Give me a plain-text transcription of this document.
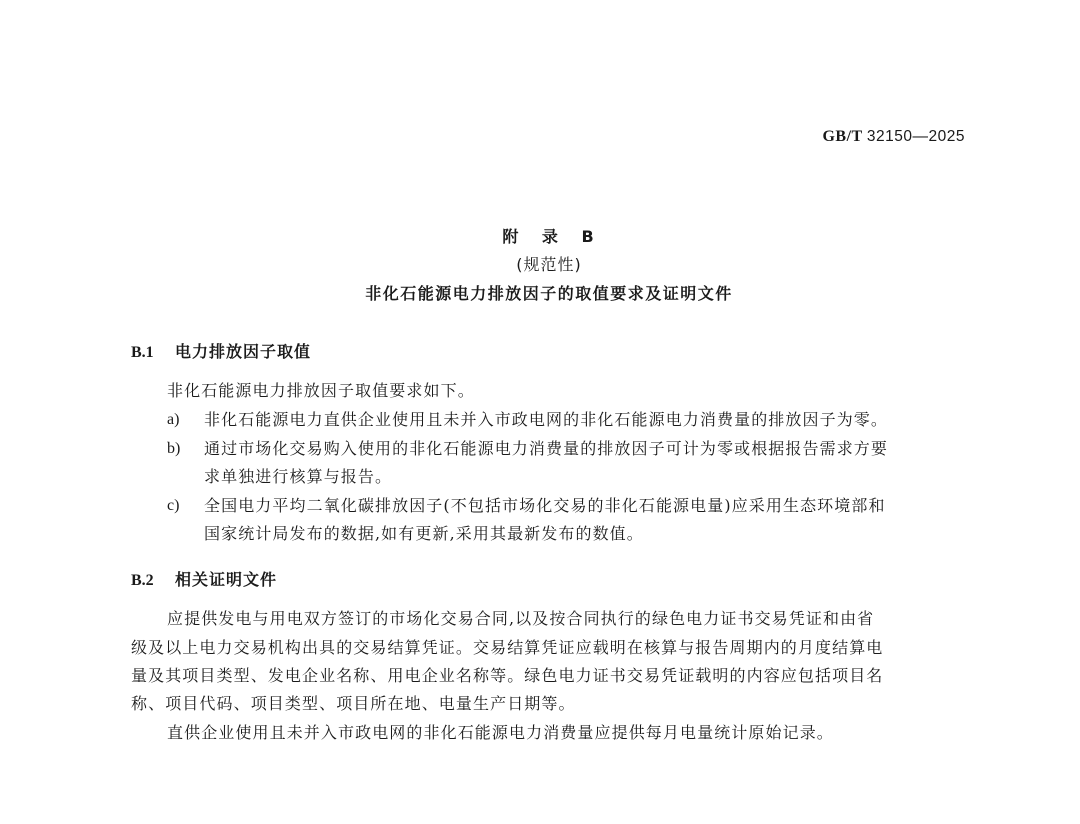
GB/T 32150—2025
附 录 B
(规范性)
非化石能源电力排放因子的取值要求及证明文件
B.1 电力排放因子取值
非化石能源电力排放因子取值要求如下。
a) 非化石能源电力直供企业使用且未并入市政电网的非化石能源电力消费量的排放因子为零。
b) 通过市场化交易购入使用的非化石能源电力消费量的排放因子可计为零或根据报告需求方要
求单独进行核算与报告。
c) 全国电力平均二氧化碳排放因子(不包括市场化交易的非化石能源电量)应采用生态环境部和
国家统计局发布的数据,如有更新,采用其最新发布的数值。
B.2 相关证明文件
应提供发电与用电双方签订的市场化交易合同,以及按合同执行的绿色电力证书交易凭证和由省
级及以上电力交易机构出具的交易结算凭证。交易结算凭证应载明在核算与报告周期内的月度结算电
量及其项目类型、发电企业名称、用电企业名称等。绿色电力证书交易凭证载明的内容应包括项目名
称、项目代码、项目类型、项目所在地、电量生产日期等。
直供企业使用且未并入市政电网的非化石能源电力消费量应提供每月电量统计原始记录。
